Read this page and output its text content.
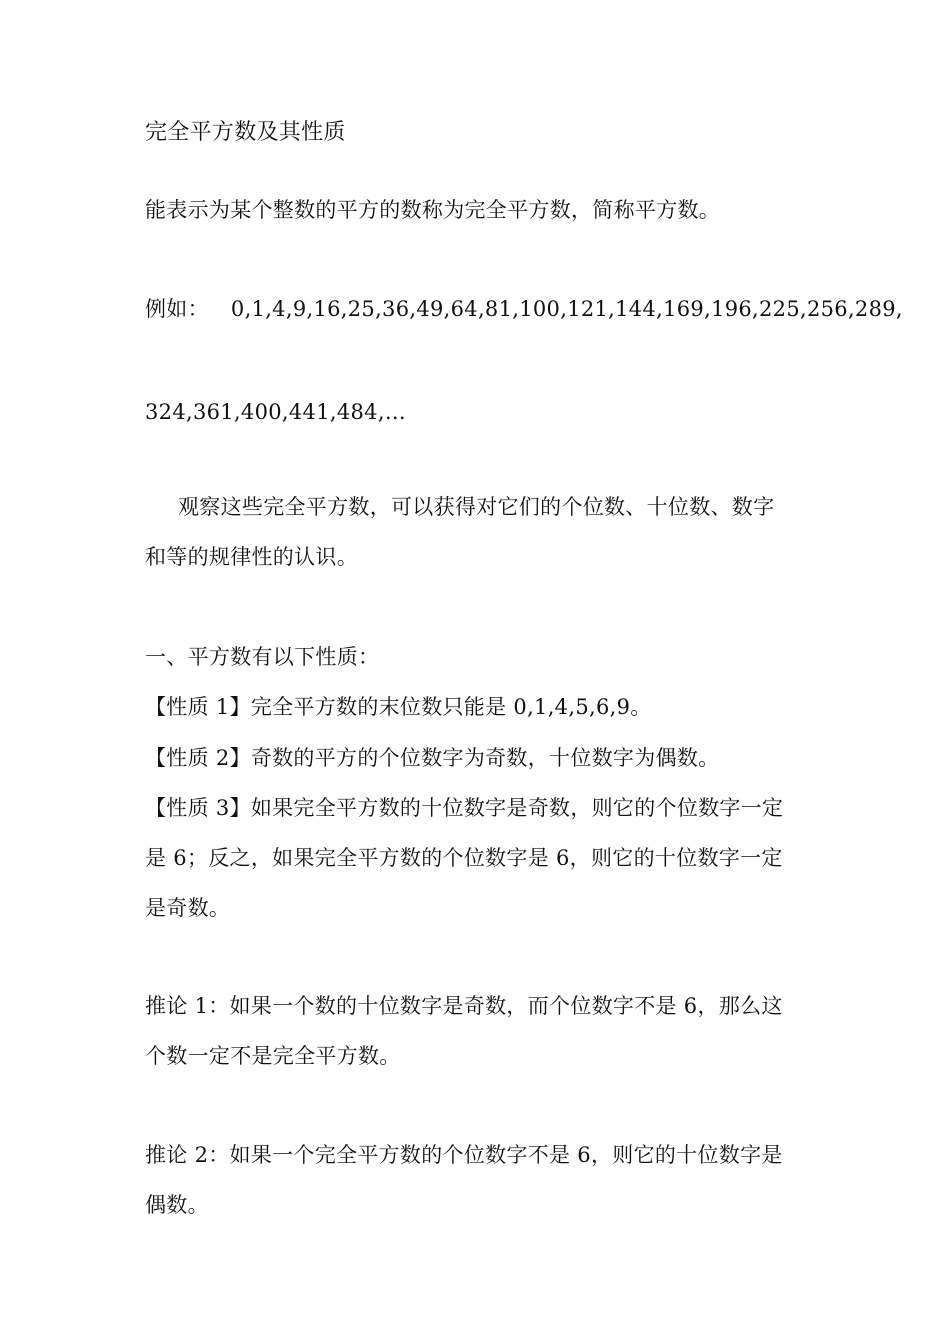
完全平方数及其性质
能表示为某个整数的平方的数称为完全平方数，简称平方数。
例如： 0,1,4,9,16,25,36,49,64,81,100,121,144,169,196,225,256,289,
324,361,400,441,484,…
观察这些完全平方数，可以获得对它们的个位数、十位数、数字
和等的规律性的认识。
一、平方数有以下性质：
【性质 1】完全平方数的末位数只能是 0,1,4,5,6,9。
【性质 2】奇数的平方的个位数字为奇数，十位数字为偶数。
【性质 3】如果完全平方数的十位数字是奇数，则它的个位数字一定
是 6；反之，如果完全平方数的个位数字是 6，则它的十位数字一定
是奇数。
推论 1：如果一个数的十位数字是奇数，而个位数字不是 6，那么这
个数一定不是完全平方数。
推论 2：如果一个完全平方数的个位数字不是 6，则它的十位数字是
偶数。
